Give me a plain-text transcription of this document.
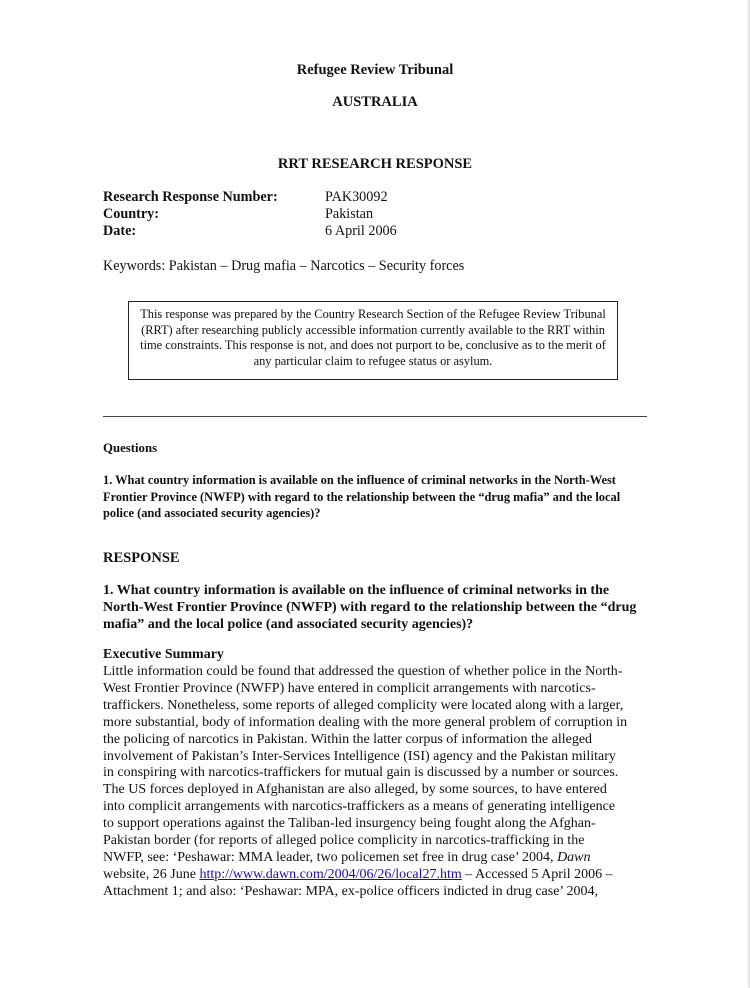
Refugee Review Tribunal
AUSTRALIA
RRT RESEARCH RESPONSE
Research Response Number:	PAK30092
Country:	Pakistan
Date:	6 April 2006
Keywords: Pakistan – Drug mafia – Narcotics – Security forces
This response was prepared by the Country Research Section of the Refugee Review Tribunal (RRT) after researching publicly accessible information currently available to the RRT within time constraints. This response is not, and does not purport to be, conclusive as to the merit of any particular claim to refugee status or asylum.
Questions
1. What country information is available on the influence of criminal networks in the North-West Frontier Province (NWFP) with regard to the relationship between the “drug mafia” and the local police (and associated security agencies)?
RESPONSE
1. What country information is available on the influence of criminal networks in the North-West Frontier Province (NWFP) with regard to the relationship between the “drug mafia” and the local police (and associated security agencies)?
Executive Summary
Little information could be found that addressed the question of whether police in the North-
West Frontier Province (NWFP) have entered in complicit arrangements with narcotics-
traffickers. Nonetheless, some reports of alleged complicity were located along with a larger,
more substantial, body of information dealing with the more general problem of corruption in
the policing of narcotics in Pakistan. Within the latter corpus of information the alleged
involvement of Pakistan’s Inter-Services Intelligence (ISI) agency and the Pakistan military
in conspiring with narcotics-traffickers for mutual gain is discussed by a number or sources.
The US forces deployed in Afghanistan are also alleged, by some sources, to have entered
into complicit arrangements with narcotics-traffickers as a means of generating intelligence
to support operations against the Taliban-led insurgency being fought along the Afghan-
Pakistan border (for reports of alleged police complicity in narcotics-trafficking in the
NWFP, see: ‘Peshawar: MMA leader, two policemen set free in drug case’ 2004, Dawn
website, 26 June http://www.dawn.com/2004/06/26/local27.htm – Accessed 5 April 2006 –
Attachment 1; and also: ‘Peshawar: MPA, ex-police officers indicted in drug case’ 2004,
